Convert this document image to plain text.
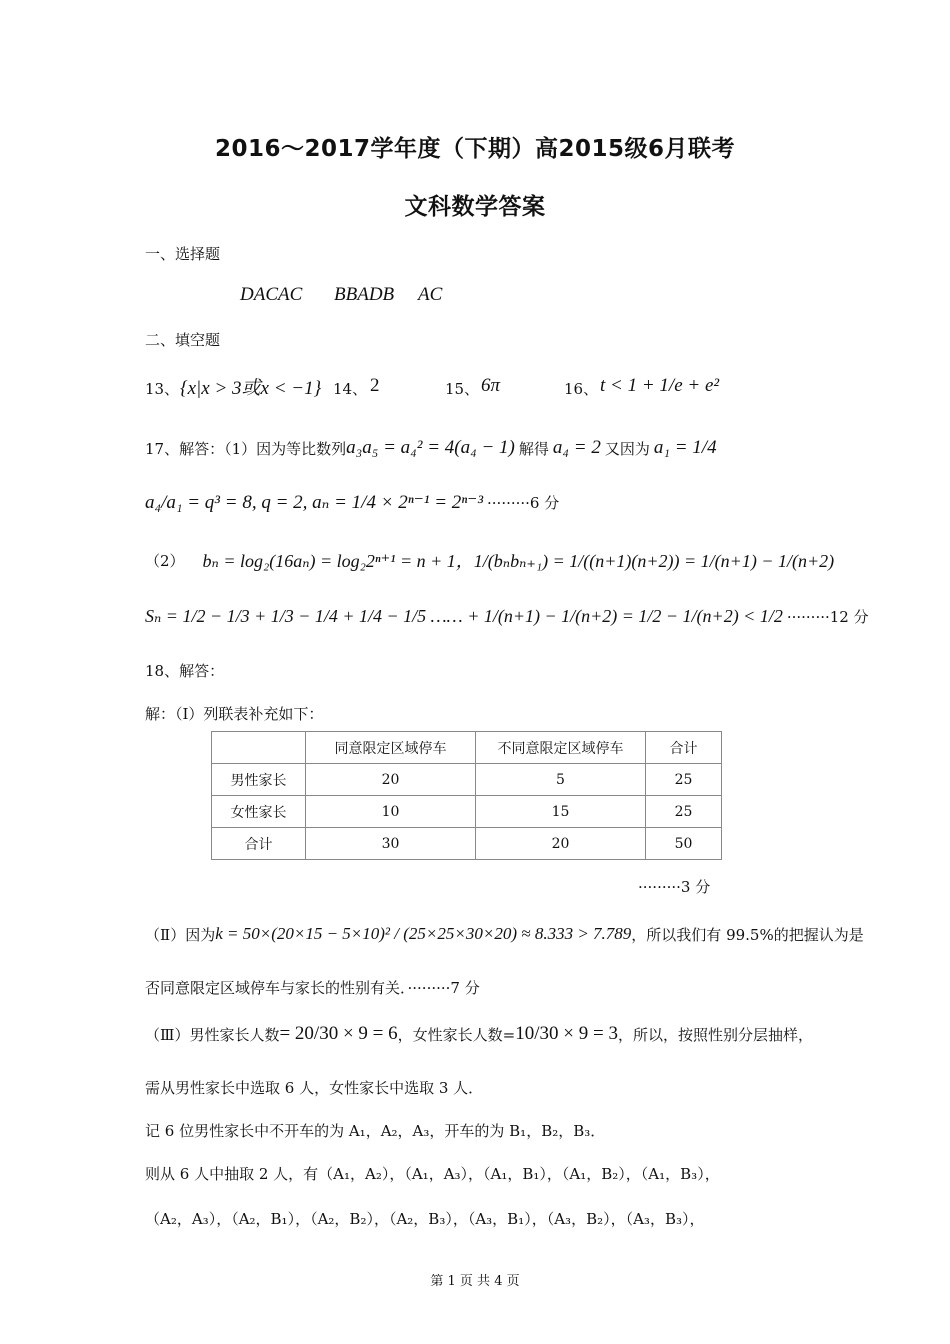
2016～2017学年度（下期）高2015级6月联考
文科数学答案
一、选择题
DACAC BBADB AC
二、填空题
13、 {x|x > 3或x < −1} 14、 2	15、 6π	16、 t < 1 + 1/e + e²
17、解答：（1）因为等比数列 a₃a₅ = a₄² = 4(a₄ − 1) 解得 a₄ = 2 又因为 a₁ = 1/4
a₄/a₁ = q³ = 8, q = 2, aₙ = 1/4 × 2ⁿ⁻¹ = 2ⁿ⁻³ ·········6 分
（2） bₙ = log₂(16aₙ) = log₂2ⁿ⁺¹ = n + 1，1/(bₙbₙ₊₁) = 1/((n+1)(n+2)) = 1/(n+1) − 1/(n+2)
Sₙ = 1/2 − 1/3 + 1/3 − 1/4 + 1/4 − 1/5 …… + 1/(n+1) − 1/(n+2) = 1/2 − 1/(n+2) < 1/2 ·········12 分
18、解答：
解：（Ⅰ）列联表补充如下：
	同意限定区域停车	不同意限定区域停车	合计
男性家长	20	5	25
女性家长	10	15	25
合计	30	20	50
·········3 分
（Ⅱ）因为 k = 50×(20×15 − 5×10)² / (25×25×30×20) ≈ 8.333 > 7.789 ，所以我们有 99.5%的把握认为是
否同意限定区域停车与家长的性别有关．·········7 分
（Ⅲ）男性家长人数 = 20/30 × 9 = 6 ，女性家长人数= 10/30 × 9 = 3 ，所以，按照性别分层抽样，
需从男性家长中选取 6 人，女性家长中选取 3 人．
记 6 位男性家长中不开车的为 A₁，A₂，A₃，开车的为 B₁，B₂，B₃．
则从 6 人中抽取 2 人，有（A₁，A₂），（A₁，A₃），（A₁，B₁），（A₁，B₂），（A₁，B₃），
（A₂，A₃），（A₂，B₁），（A₂，B₂），（A₂，B₃），（A₃，B₁），（A₃，B₂），（A₃，B₃），
第 1 页 共 4 页
